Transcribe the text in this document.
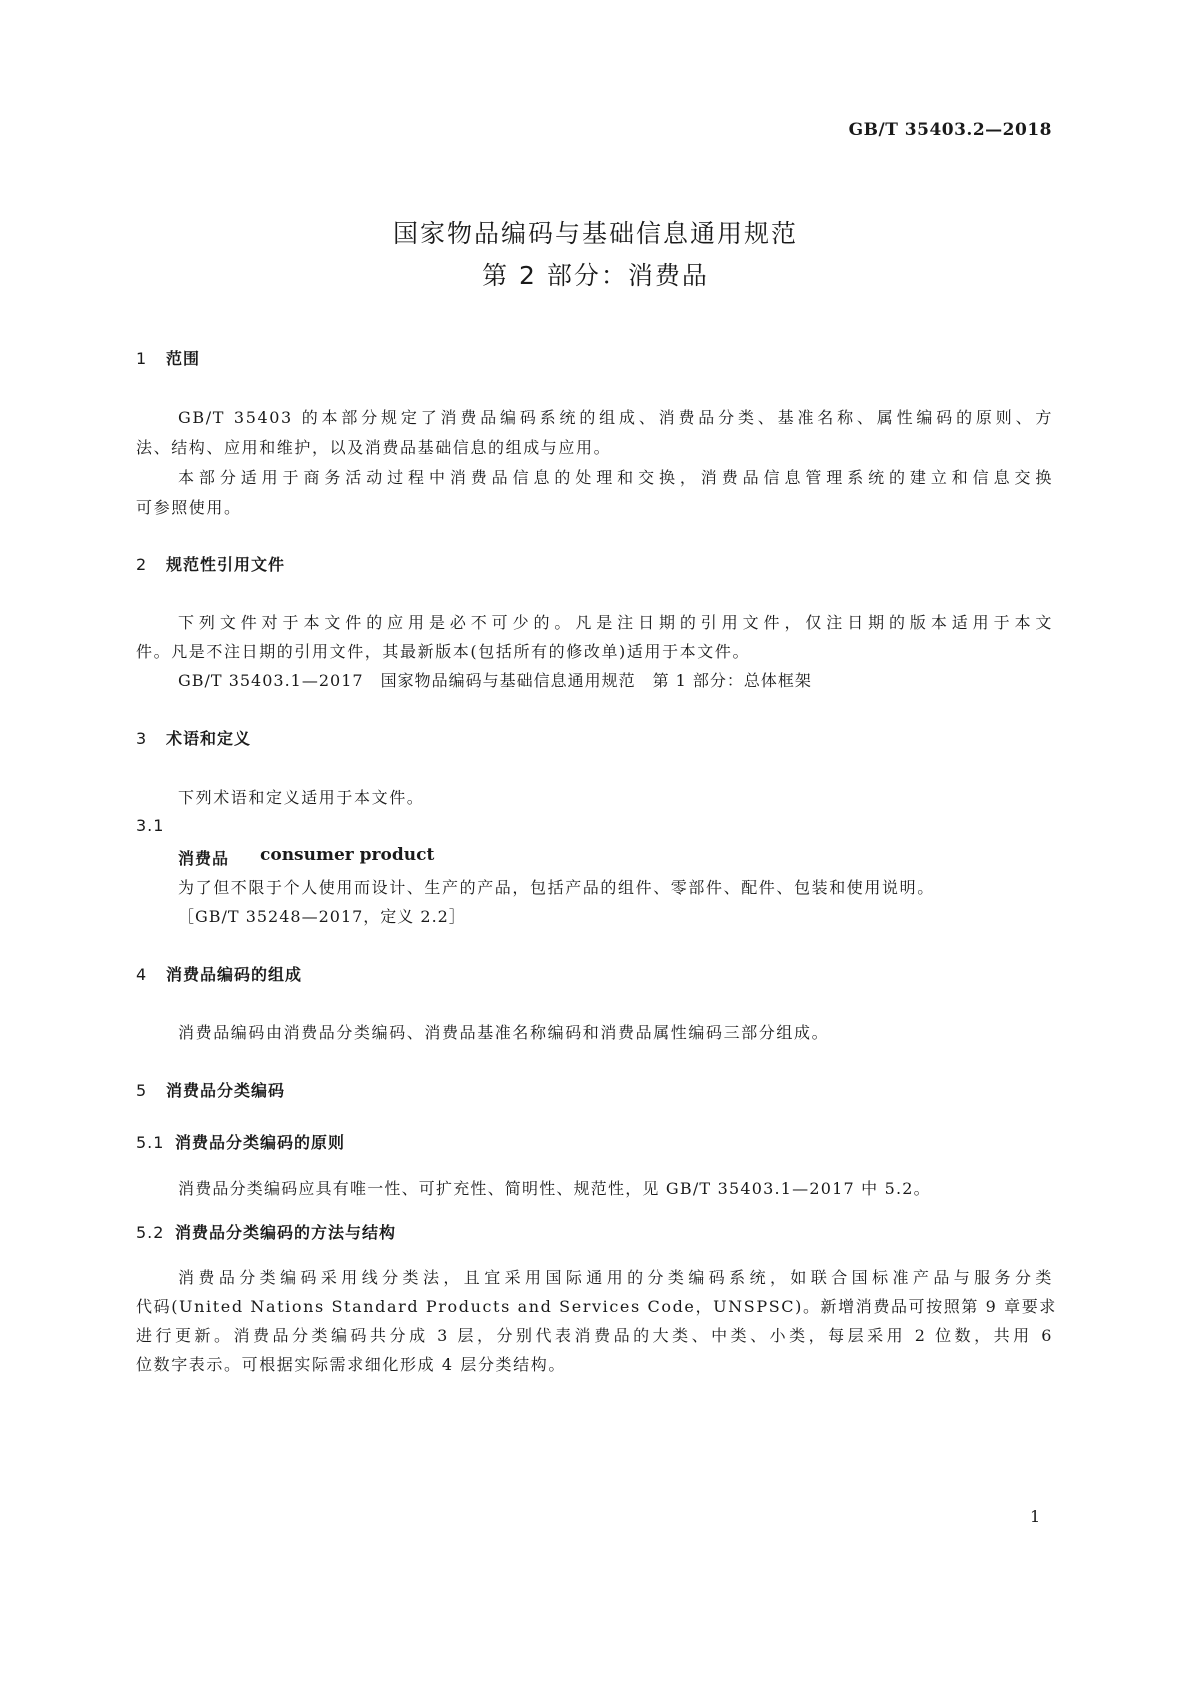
GB/T 35403.2—2018
国家物品编码与基础信息通用规范
第 2 部分：消费品
1 范围
GB/T 35403 的本部分规定了消费品编码系统的组成、消费品分类、基准名称、属性编码的原则、方
法、结构、应用和维护，以及消费品基础信息的组成与应用。
本部分适用于商务活动过程中消费品信息的处理和交换，消费品信息管理系统的建立和信息交换
可参照使用。
2 规范性引用文件
下列文件对于本文件的应用是必不可少的。凡是注日期的引用文件，仅注日期的版本适用于本文
件。凡是不注日期的引用文件，其最新版本(包括所有的修改单)适用于本文件。
GB/T 35403.1—2017　国家物品编码与基础信息通用规范　第 1 部分：总体框架
3 术语和定义
下列术语和定义适用于本文件。
3.1
消费品 consumer product
为了但不限于个人使用而设计、生产的产品，包括产品的组件、零部件、配件、包装和使用说明。
［GB/T 35248—2017，定义 2.2］
4 消费品编码的组成
消费品编码由消费品分类编码、消费品基准名称编码和消费品属性编码三部分组成。
5 消费品分类编码
5.1 消费品分类编码的原则
消费品分类编码应具有唯一性、可扩充性、简明性、规范性，见 GB/T 35403.1—2017 中 5.2。
5.2 消费品分类编码的方法与结构
消费品分类编码采用线分类法，且宜采用国际通用的分类编码系统，如联合国标准产品与服务分类
代码(United Nations Standard Products and Services Code，UNSPSC)。新增消费品可按照第 9 章要求
进行更新。消费品分类编码共分成 3 层，分别代表消费品的大类、中类、小类，每层采用 2 位数，共用 6
位数字表示。可根据实际需求细化形成 4 层分类结构。
1
